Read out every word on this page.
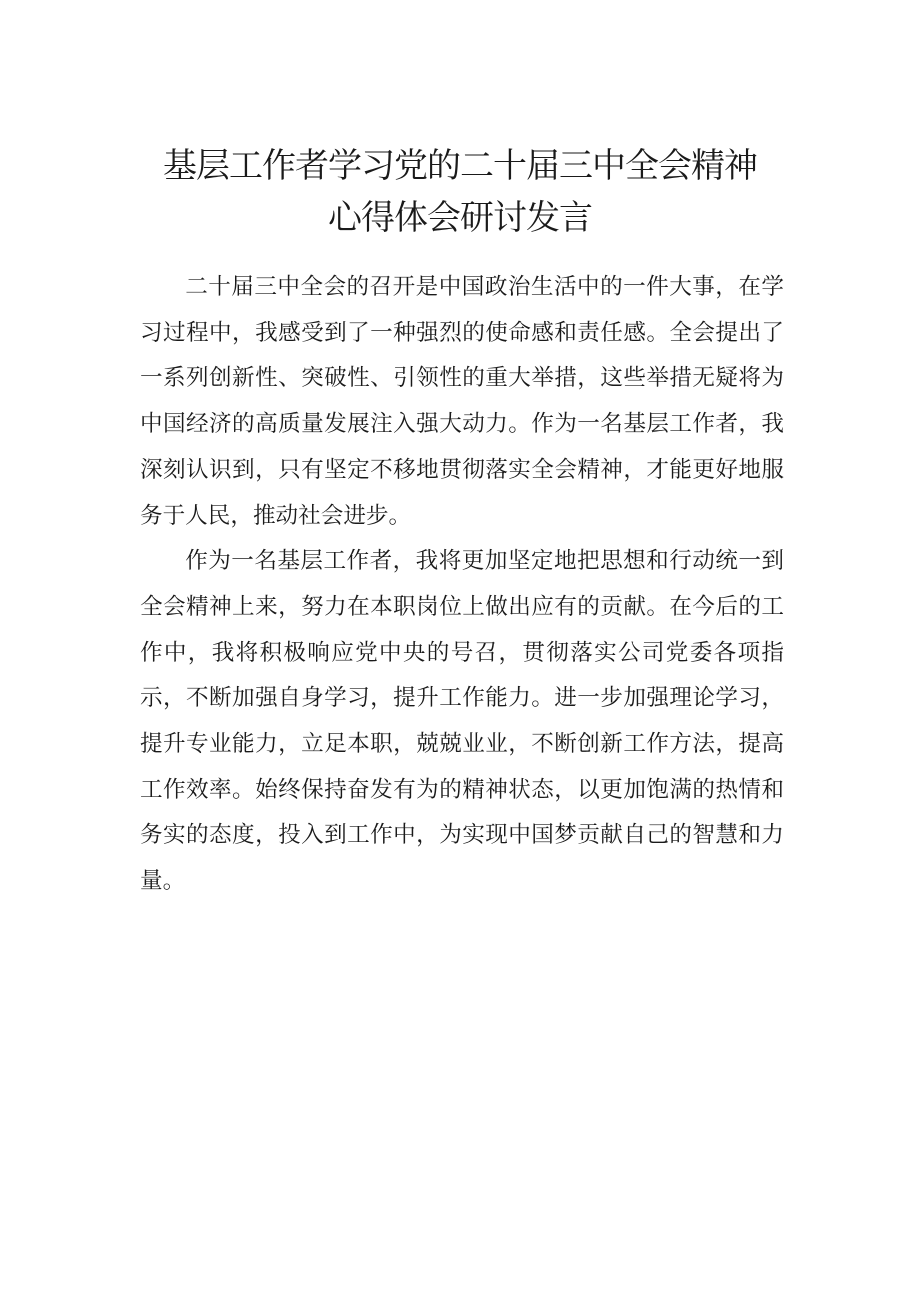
基层工作者学习党的二十届三中全会精神
心得体会研讨发言

二十届三中全会的召开是中国政治生活中的一件大事，在学习过程中，我感受到了一种强烈的使命感和责任感。全会提出了一系列创新性、突破性、引领性的重大举措，这些举措无疑将为中国经济的高质量发展注入强大动力。作为一名基层工作者，我深刻认识到，只有坚定不移地贯彻落实全会精神，才能更好地服务于人民，推动社会进步。

作为一名基层工作者，我将更加坚定地把思想和行动统一到全会精神上来，努力在本职岗位上做出应有的贡献。在今后的工作中，我将积极响应党中央的号召，贯彻落实公司党委各项指示，不断加强自身学习，提升工作能力。进一步加强理论学习，提升专业能力，立足本职，兢兢业业，不断创新工作方法，提高工作效率。始终保持奋发有为的精神状态，以更加饱满的热情和务实的态度，投入到工作中，为实现中国梦贡献自己的智慧和力量。
